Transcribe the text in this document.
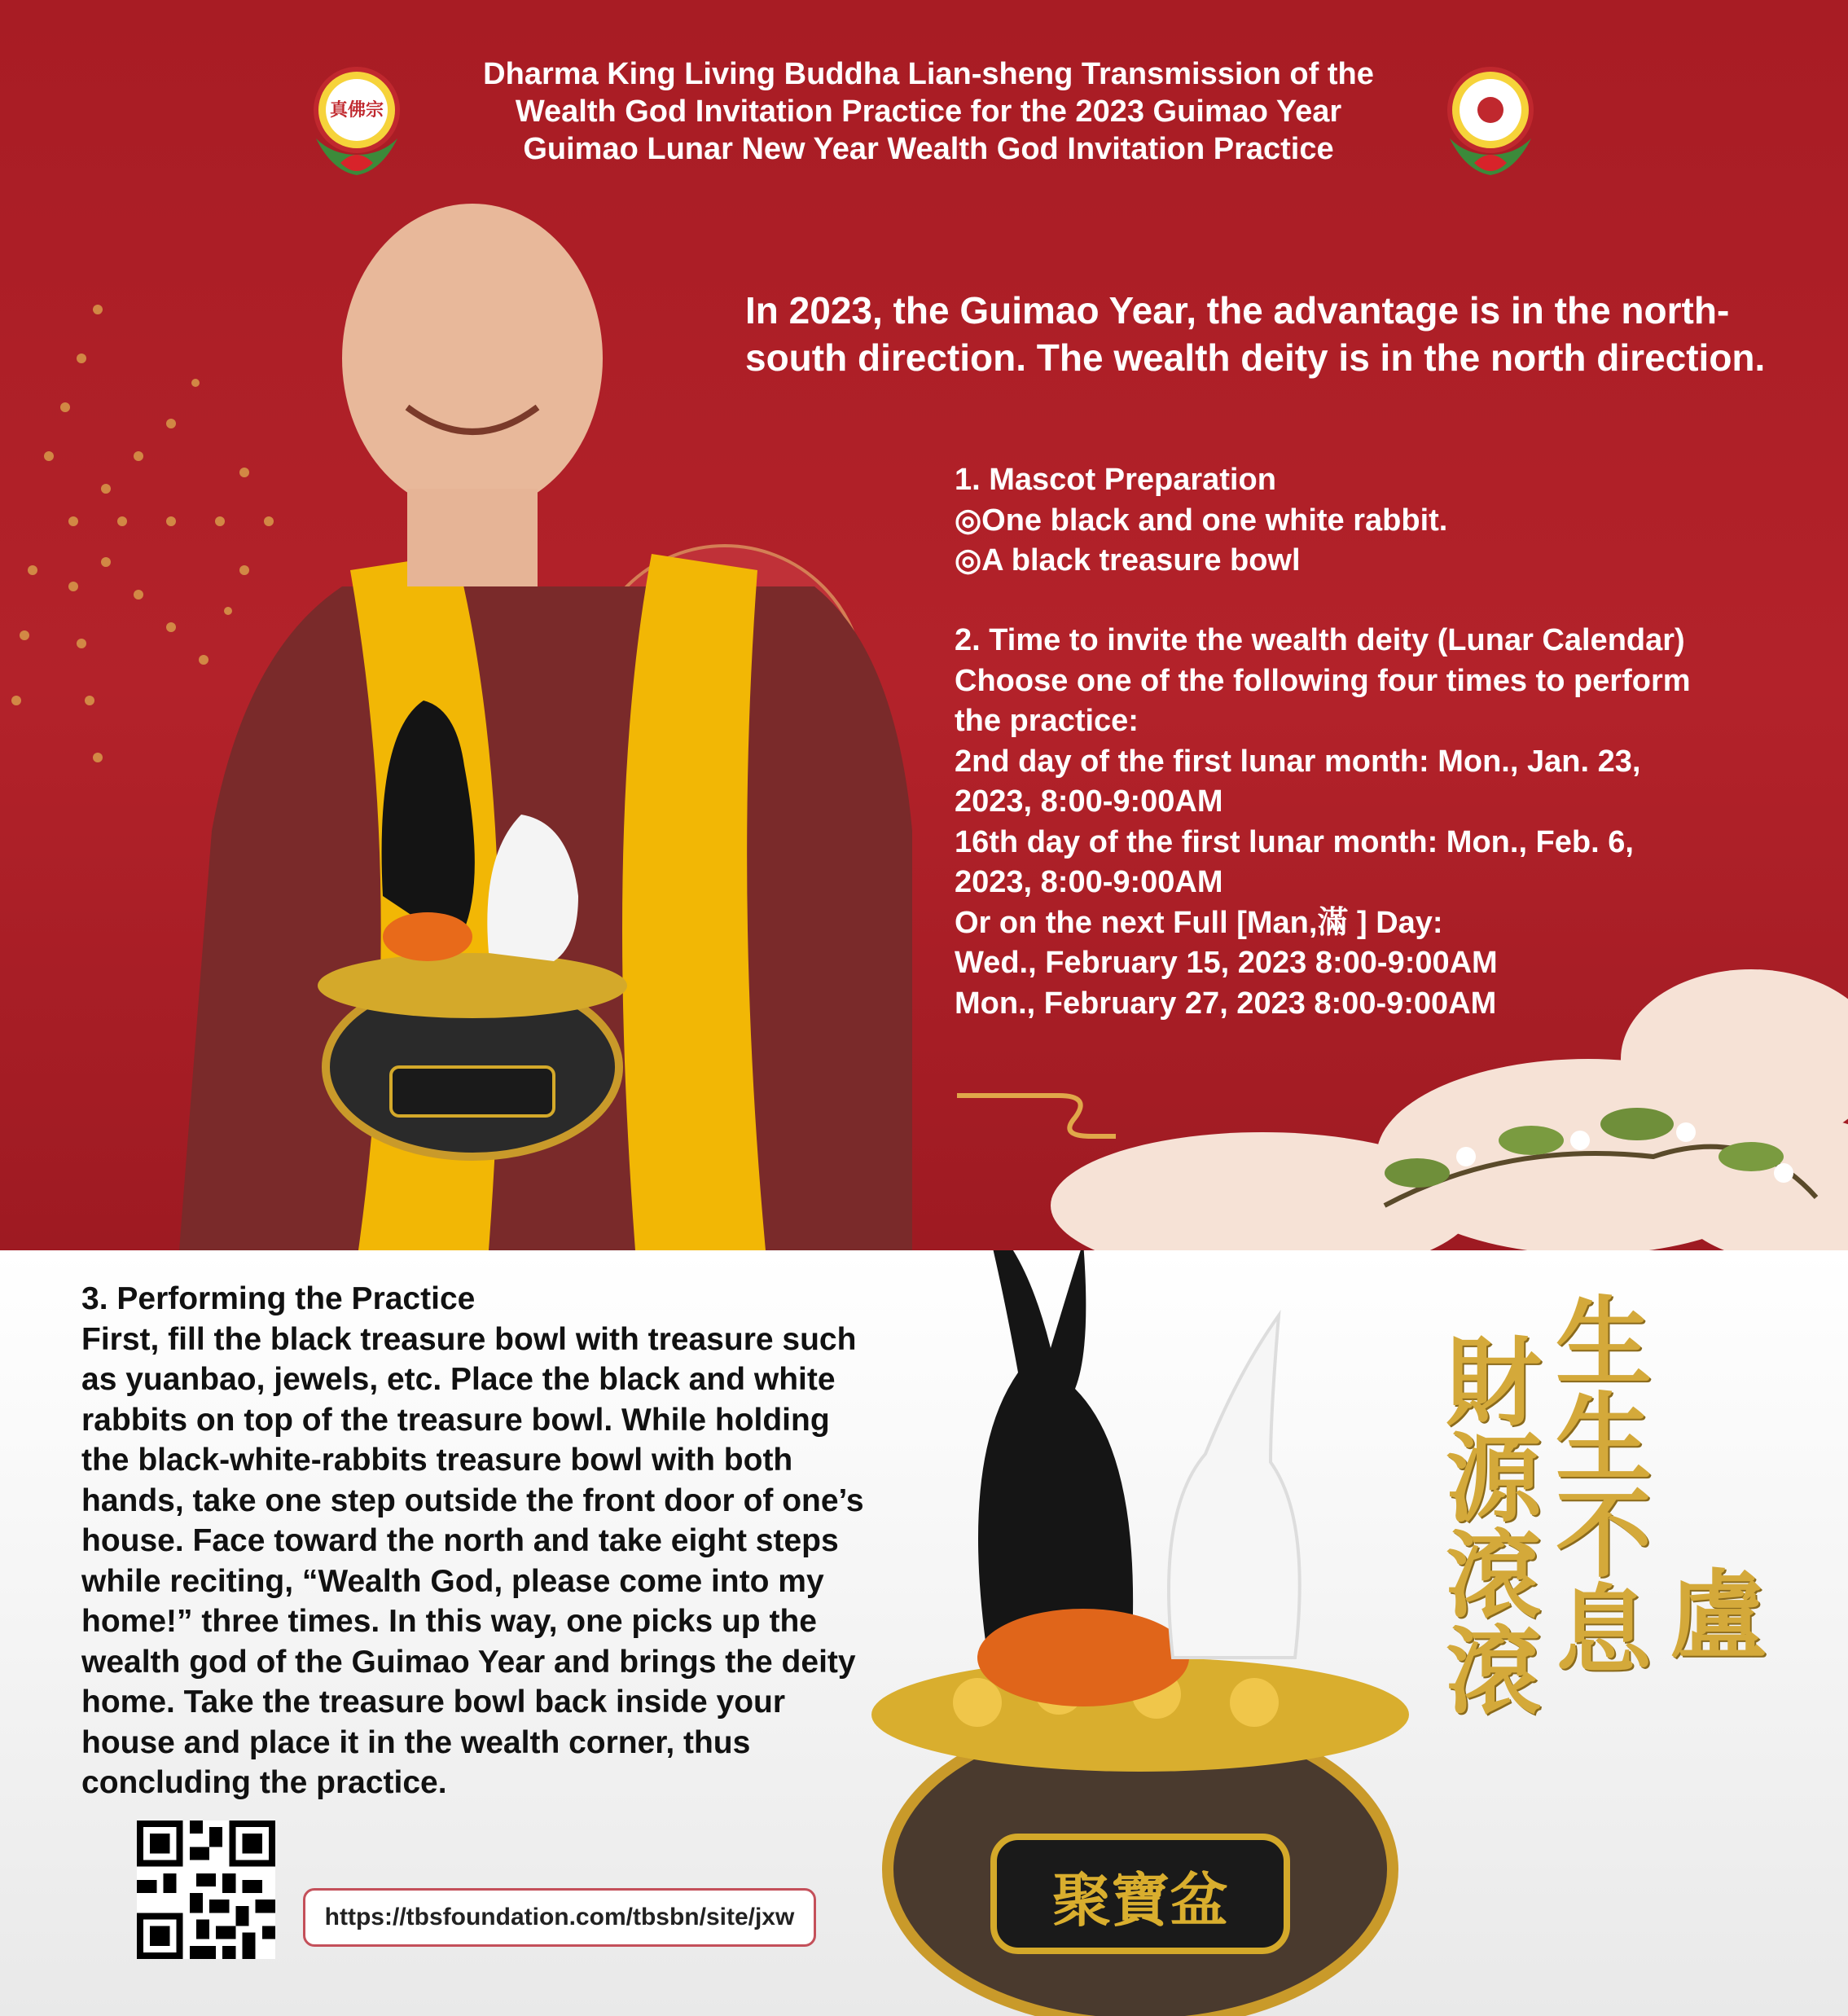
真佛宗
Dharma King Living Buddha Lian-sheng Transmission of the
Wealth God Invitation Practice for the 2023 Guimao Year
Guimao Lunar New Year Wealth God Invitation Practice
In 2023, the Guimao Year, the advantage is in the north-
south direction. The wealth deity is in the north direction.
1. Mascot Preparation
◎One black and one white rabbit.
◎A black treasure bowl
2. Time to invite the wealth deity (Lunar Calendar)
Choose one of the following four times to perform
the practice:
2nd day of the first lunar month: Mon., Jan. 23,
2023, 8:00-9:00AM
16th day of the first lunar month: Mon., Feb. 6,
2023, 8:00-9:00AM
Or on the next Full [Man,滿 ] Day:
Wed., February 15, 2023 8:00-9:00AM
Mon., February 27, 2023 8:00-9:00AM
聚寶盆
財源滾滾
生生不息 盧
3. Performing the Practice
First, fill the black treasure bowl with treasure such
as yuanbao, jewels, etc. Place the black and white
rabbits on top of the treasure bowl. While holding
the black-white-rabbits treasure bowl with both
hands, take one step outside the front door of one’s
house. Face toward the north and take eight steps
while reciting, “Wealth God, please come into my
home!” three times. In this way, one picks up the
wealth god of the Guimao Year and brings the deity
home. Take the treasure bowl back inside your
house and place it in the wealth corner, thus
concluding the practice.
https://tbsfoundation.com/tbsbn/site/jxw
